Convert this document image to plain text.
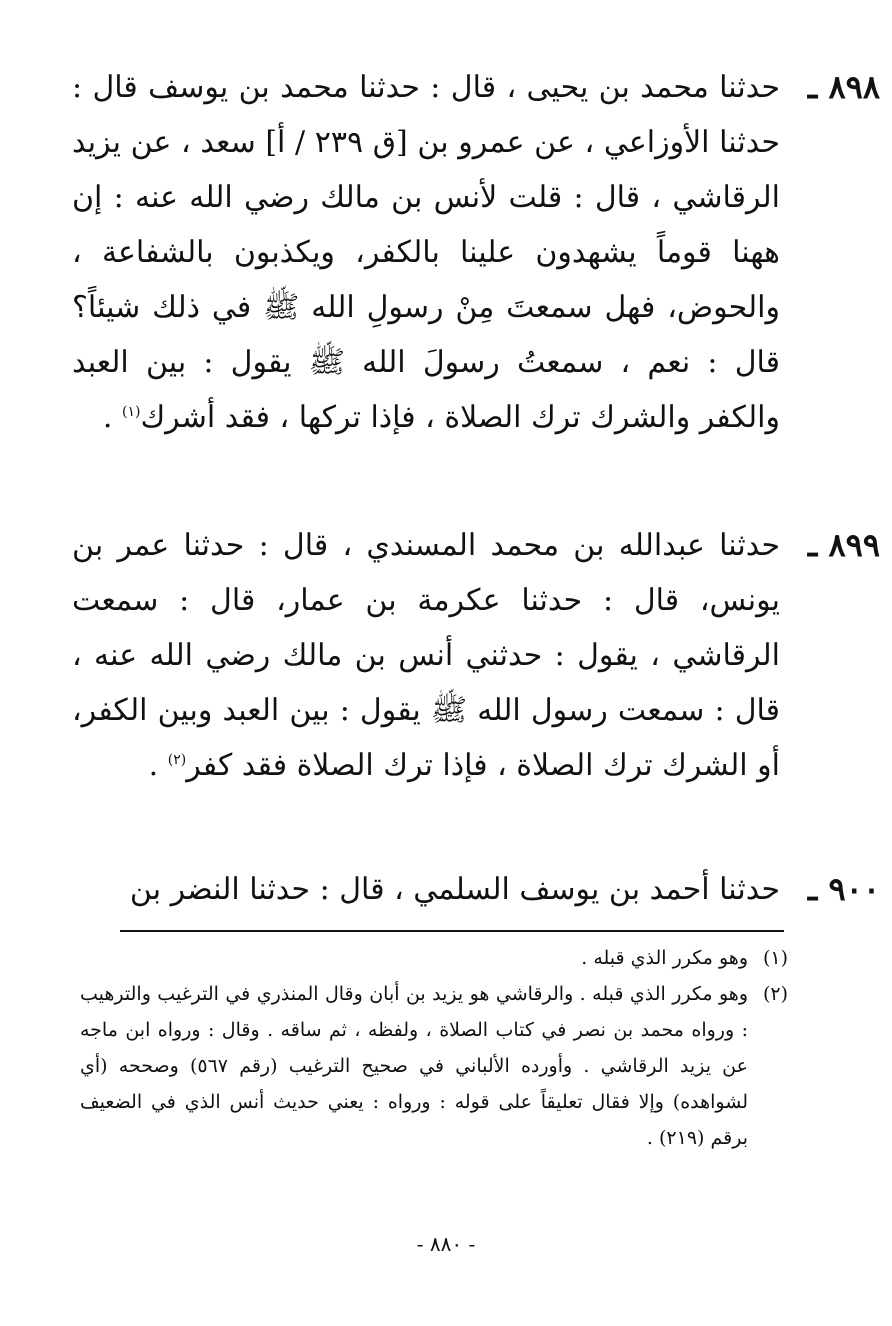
٨٩٨ ـ
حدثنا محمد بن يحيى ، قال : حدثنا محمد بن يوسف قال : حدثنا الأوزاعي ، عن عمرو بن [ق ٢٣٩ / أ] سعد ، عن يزيد الرقاشي ، قال : قلت لأنس بن مالك رضي الله عنه : إن ههنا قوماً يشهدون علينا بالكفر، ويكذبون بالشفاعة ، والحوض، فهل سمعتَ مِنْ رسولِ الله ﷺ في ذلك شيئاً؟ قال : نعم ، سمعتُ رسولَ الله ﷺ يقول : بين العبد والكفر والشرك ترك الصلاة ، فإذا تركها ، فقد أشرك$^{(١)}$ .
٨٩٩ ـ
حدثنا عبدالله بن محمد المسندي ، قال : حدثنا عمر بن يونس، قال : حدثنا عكرمة بن عمار، قال : سمعت الرقاشي ، يقول : حدثني أنس بن مالك رضي الله عنه ، قال : سمعت رسول الله ﷺ يقول : بين العبد وبين الكفر، أو الشرك ترك الصلاة ، فإذا ترك الصلاة فقد كفر$^{(٢)}$ .
٩٠٠ ـ
حدثنا أحمد بن يوسف السلمي ، قال : حدثنا النضر بن
(١)
وهو مكرر الذي قبله .
(٢)
وهو مكرر الذي قبله . والرقاشي هو يزيد بن أبان وقال المنذري في الترغيب والترهيب : ورواه محمد بن نصر في كتاب الصلاة ، ولفظه ، ثم ساقه . وقال : ورواه ابن ماجه عن يزيد الرقاشي . وأورده الألباني في صحيح الترغيب (رقم ٥٦٧) وصححه (أي لشواهده) وإلا فقال تعليقاً على قوله : ورواه : يعني حديث أنس الذي في الضعيف برقم (٢١٩) .
- ٨٨٠ -
